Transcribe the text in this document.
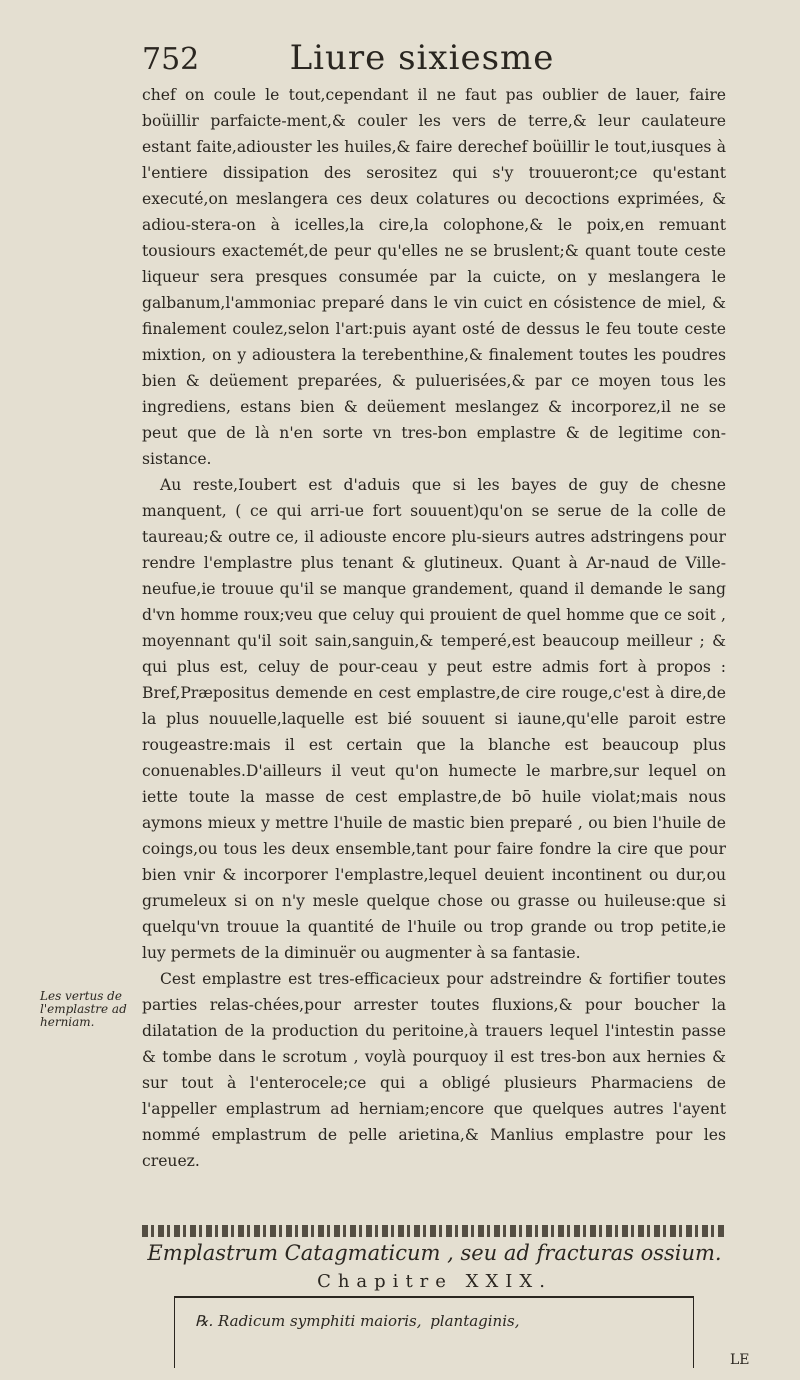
Liure sixiesme
752

chef on coule le tout,cependant il ne faut pas oublier de lauer, faire boüillir parfaicte-ment,& couler les vers de terre,& leur caulateure estant faite,adiouster les huiles,& faire derechef boüillir le tout,iusques à l'entiere dissipation des serositez qui s'y trouueront;ce qu'estant executé,on meslangera ces deux colatures ou decoctions exprimées, & adiou-stera-on à icelles,la cire,la colophone,& le poix,en remuant tousiours exactemét,de peur qu'elles ne se bruslent;& quant toute ceste liqueur sera presques consumée par la cuicte, on y meslangera le galbanum,l'ammoniac preparé dans le vin cuict en cósistence de miel, & finalement coulez,selon l'art:puis ayant osté de dessus le feu toute ceste mixtion, on y adioustera la terebenthine,& finalement toutes les poudres bien & deüement preparées, & puluerisées,& par ce moyen tous les ingrediens, estans bien & deüement meslangez & incorporez,il ne se peut que de là n'en sorte vn tres-bon emplastre & de legitime con-sistance.

Au reste,Ioubert est d'aduis que si les bayes de guy de chesne manquent, ( ce qui arri-ue fort souuent)qu'on se serue de la colle de taureau;& outre ce, il adiouste encore plu-sieurs autres adstringens pour rendre l'emplastre plus tenant & glutineux. Quant à Ar-naud de Ville-neufue,ie trouue qu'il se manque grandement, quand il demande le sang d'vn homme roux;veu que celuy qui prouient de quel homme que ce soit , moyennant qu'il soit sain,sanguin,& temperé,est beaucoup meilleur ; & qui plus est, celuy de pour-ceau y peut estre admis fort à propos : Bref,Præpositus demende en cest emplastre,de cire rouge,c'est à dire,de la plus nouuelle,laquelle est bié souuent si iaune,qu'elle paroit estre rougeastre:mais il est certain que la blanche est beaucoup plus conuenables.D'ailleurs il veut qu'on humecte le marbre,sur lequel on iette toute la masse de cest emplastre,de bō huile violat;mais nous aymons mieux y mettre l'huile de mastic bien preparé , ou bien l'huile de coings,ou tous les deux ensemble,tant pour faire fondre la cire que pour bien vnir & incorporer l'emplastre,lequel deuient incontinent ou dur,ou grumeleux si on n'y mesle quelque chose ou grasse ou huileuse:que si quelqu'vn trouue la quantité de l'huile ou trop grande ou trop petite,ie luy permets de la diminuër ou augmenter à sa fantasie.

Cest emplastre est tres-efficacieux pour adstreindre & fortifier toutes parties relas-chées,pour arrester toutes fluxions,& pour boucher la dilatation de la production du peritoine,à trauers lequel l'intestin passe & tombe dans le scrotum , voylà pourquoy il est tres-bon aux hernies & sur tout à l'enterocele;ce qui a obligé plusieurs Pharmaciens de l'appeller emplastrum ad herniam;encore que quelques autres l'ayent nommé emplastrum de pelle arietina,& Manlius emplastre pour les creuez.

Les vertus de l'emplastre ad herniam.
Emplastrum Catagmaticum , seu ad fracturas ossium.
Chapitre XXIX.
℞. Radicum symphiti maioris, plantaginis,
LE
